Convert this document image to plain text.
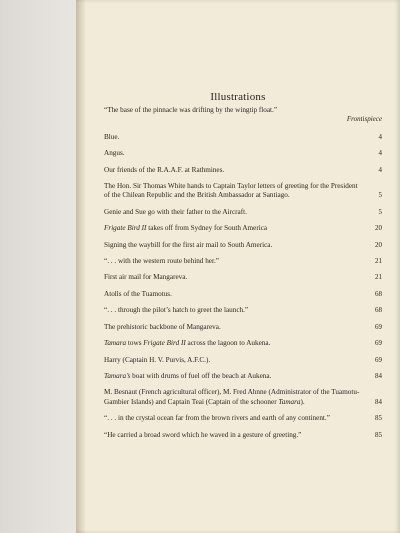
Illustrations
“The base of the pinnacle was drifting by the wingtip float.”
Frontispiece
Blue.	4
Angus.	4
Our friends of the R.A.A.F. at Rathmines.	4
The Hon. Sir Thomas White hands to Captain Taylor letters of greeting for the President of the Chilean Republic and the British Ambassador at Santiago.	5
Genie and Sue go with their father to the Aircraft.	5
Frigate Bird II takes off from Sydney for South America	20
Signing the waybill for the first air mail to South America.	20
“. . . with the western route behind her.”	21
First air mail for Mangareva.	21
Atolls of the Tuamotus.	68
“. . . through the pilot’s hatch to greet the launch.”	68
The prehistoric backbone of Mangareva.	69
Tamara tows Frigate Bird II across the lagoon to Aukena.	69
Harry (Captain H. V. Purvis, A.F.C.).	69
Tamara’s boat with drums of fuel off the beach at Aukena.	84
M. Besnaut (French agricultural officer), M. Fred Ahnne (Administrator of the Tuamotu-Gambier Islands) and Captain Teai (Captain of the schooner Tamara).	84
“. . . in the crystal ocean far from the brown rivers and earth of any continent.”	85
“He carried a broad sword which he waved in a gesture of greeting.”	85
